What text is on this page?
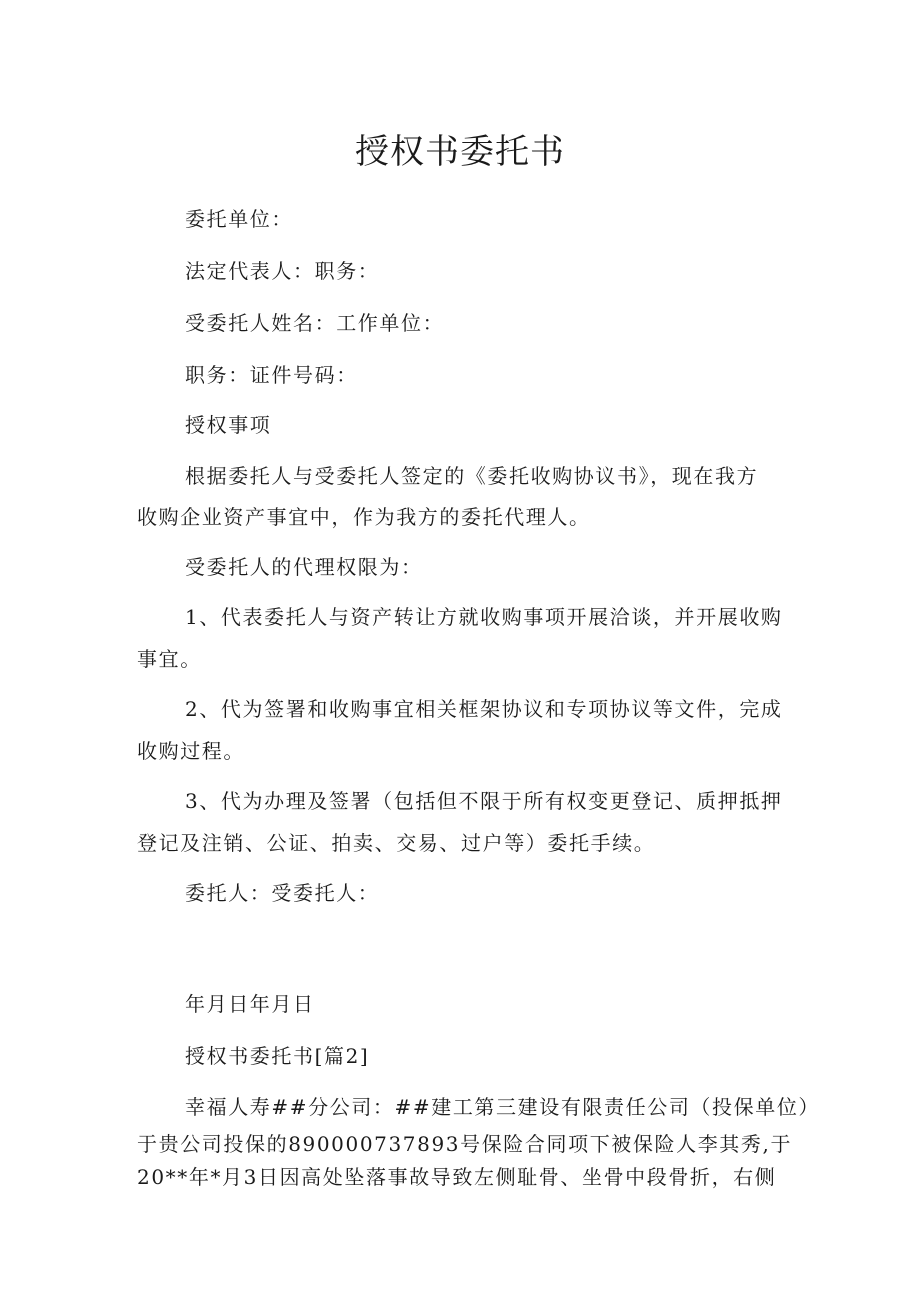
授权书委托书

委托单位：

法定代表人：职务：

受委托人姓名：工作单位：

职务：证件号码：

授权事项

根据委托人与受委托人签定的《委托收购协议书》，现在我方

收购企业资产事宜中，作为我方的委托代理人。

受委托人的代理权限为：

1、代表委托人与资产转让方就收购事项开展洽谈，并开展收购

事宜。

2、代为签署和收购事宜相关框架协议和专项协议等文件，完成

收购过程。

3、代为办理及签署（包括但不限于所有权变更登记、质押抵押

登记及注销、公证、拍卖、交易、过户等）委托手续。

委托人：受委托人：

年月日年月日

授权书委托书[篇2]

幸福人寿##分公司：##建工第三建设有限责任公司（投保单位）

于贵公司投保的890000737893号保险合同项下被保险人李其秀,于

20**年*月3日因高处坠落事故导致左侧耻骨、坐骨中段骨折，右侧
